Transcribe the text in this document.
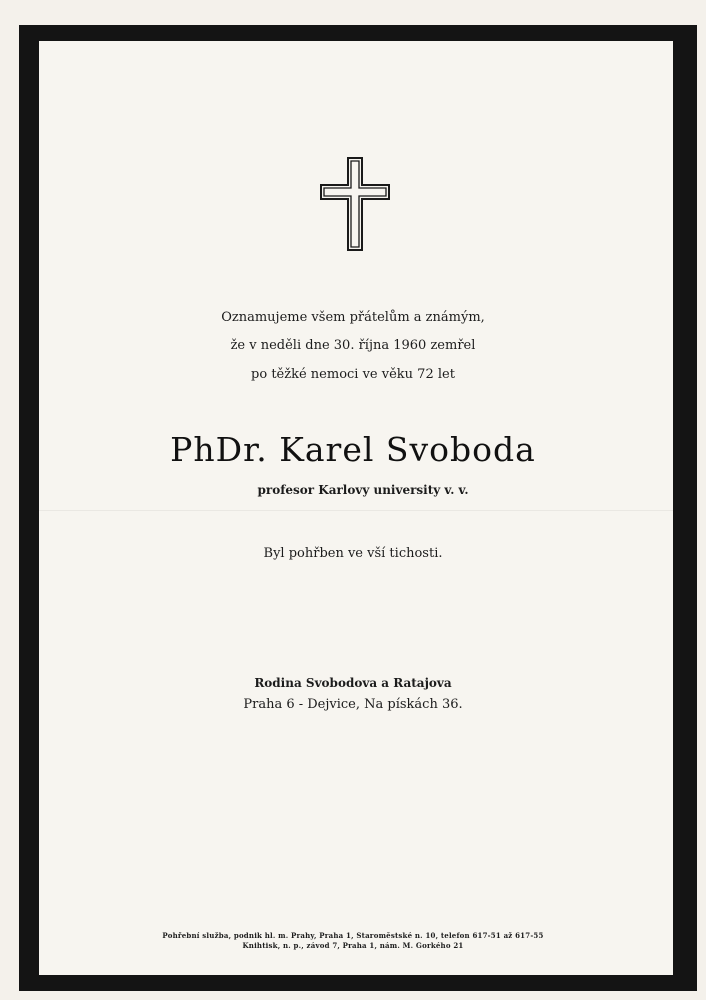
Oznamujeme všem přátelům a známým,
že v neděli dne 30. října 1960 zemřel
po těžké nemoci ve věku 72 let
PhDr. Karel Svoboda
profesor Karlovy university v. v.
Byl pohřben ve vší tichosti.
Rodina Svobodova a Ratajova
Praha 6 - Dejvice, Na pískách 36.
Pohřební služba, podnik hl. m. Prahy, Praha 1, Staroměstské n. 10, telefon 617-51 až 617-55
Knihtisk, n. p., závod 7, Praha 1, nám. M. Gorkého 21
